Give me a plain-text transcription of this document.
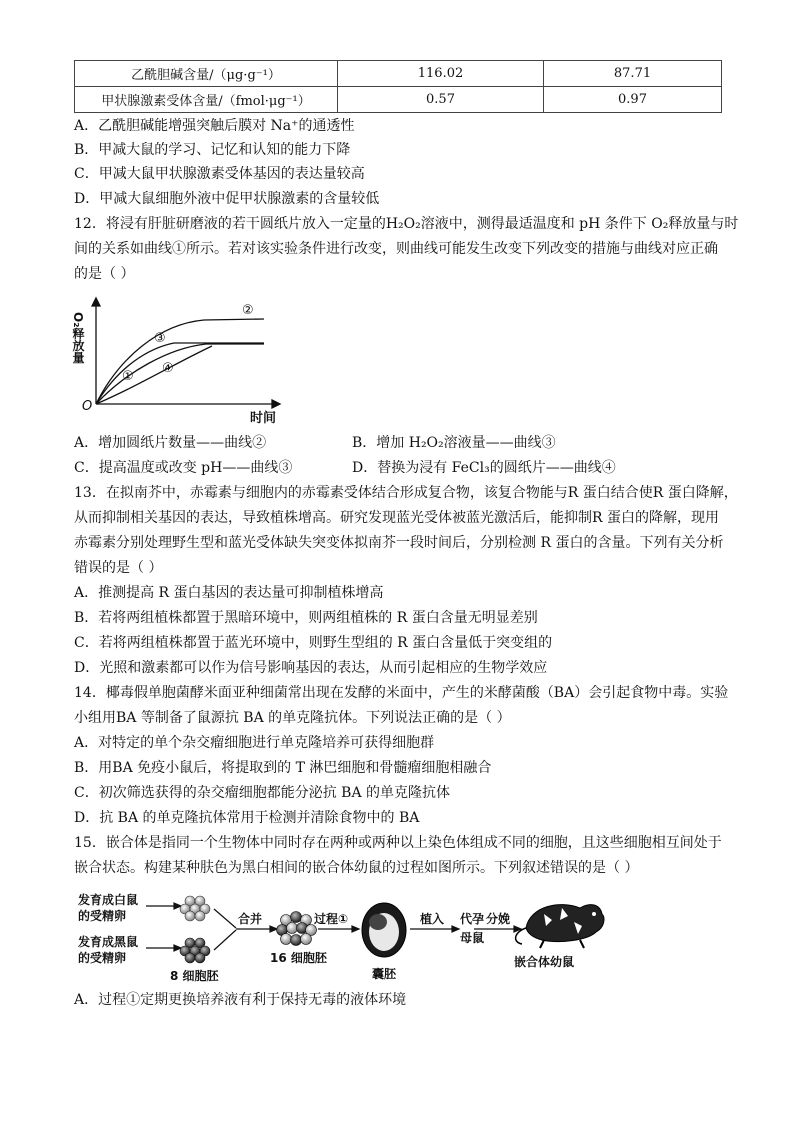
乙酰胆碱含量/（μg·g⁻¹）	116.02	87.71
甲状腺激素受体含量/（fmol·μg⁻¹）	0.57	0.97
A．乙酰胆碱能增强突触后膜对 Na⁺的通透性
B．甲减大鼠的学习、记忆和认知的能力下降
C．甲减大鼠甲状腺激素受体基因的表达量较高
D．甲减大鼠细胞外液中促甲状腺激素的含量较低
12．将浸有肝脏研磨液的若干圆纸片放入一定量的H₂O₂溶液中，测得最适温度和 pH 条件下 O₂释放量与时
间的关系如曲线①所示。若对该实验条件进行改变，则曲线可能发生改变下列改变的措施与曲线对应正确
的是（ ）
O
时间
O₂释放量
①
②
③
④
A．增加圆纸片数量——曲线②	B．增加 H₂O₂溶液量——曲线③
C．提高温度或改变 pH——曲线③	D．替换为浸有 FeCl₃的圆纸片——曲线④
13．在拟南芥中，赤霉素与细胞内的赤霉素受体结合形成复合物，该复合物能与R 蛋白结合使R 蛋白降解，
从而抑制相关基因的表达，导致植株增高。研究发现蓝光受体被蓝光激活后，能抑制R 蛋白的降解，现用
赤霉素分别处理野生型和蓝光受体缺失突变体拟南芥一段时间后，分别检测 R 蛋白的含量。下列有关分析
错误的是（ ）
A．推测提高 R 蛋白基因的表达量可抑制植株增高
B．若将两组植株都置于黑暗环境中，则两组植株的 R 蛋白含量无明显差别
C．若将两组植株都置于蓝光环境中，则野生型组的 R 蛋白含量低于突变组的
D．光照和激素都可以作为信号影响基因的表达，从而引起相应的生物学效应
14．椰毒假单胞菌酵米面亚种细菌常出现在发酵的米面中，产生的米酵菌酸（BA）会引起食物中毒。实验
小组用BA 等制备了鼠源抗 BA 的单克隆抗体。下列说法正确的是（ ）
A．对特定的单个杂交瘤细胞进行单克隆培养可获得细胞群
B．用BA 免疫小鼠后，将提取到的 T 淋巴细胞和骨髓瘤细胞相融合
C．初次筛选获得的杂交瘤细胞都能分泌抗 BA 的单克隆抗体
D．抗 BA 的单克隆抗体常用于检测并清除食物中的 BA
15．嵌合体是指同一个生物体中同时存在两种或两种以上染色体组成不同的细胞，且这些细胞相互间处于
嵌合状态。构建某种肤色为黑白相间的嵌合体幼鼠的过程如图所示。下列叙述错误的是（ ）
发育成白鼠
的受精卵
发育成黑鼠
的受精卵
8 细胞胚
合并
16 细胞胚
过程①
囊胚
植入 代孕
母鼠
分娩
嵌合体幼鼠
A．过程①定期更换培养液有利于保持无毒的液体环境
